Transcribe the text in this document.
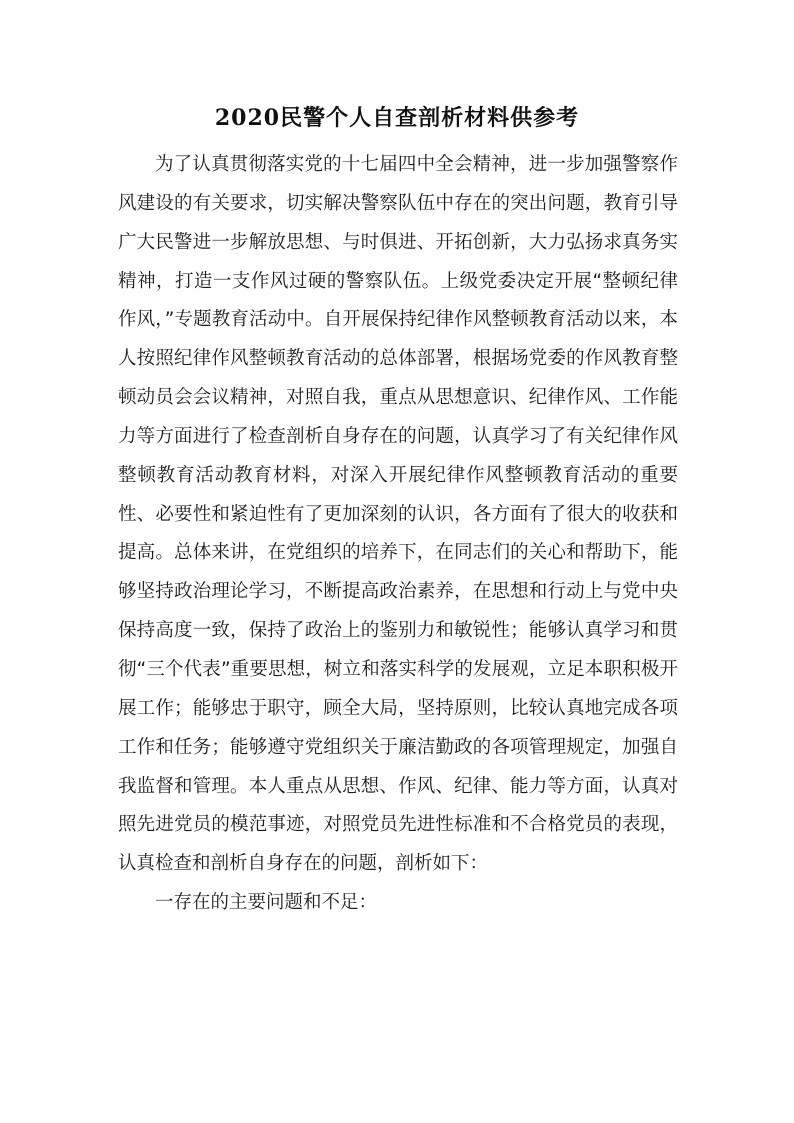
2020民警个人自查剖析材料供参考

为了认真贯彻落实党的十七届四中全会精神，进一步加强警察作风建设的有关要求，切实解决警察队伍中存在的突出问题，教育引导广大民警进一步解放思想、与时俱进、开拓创新，大力弘扬求真务实精神，打造一支作风过硬的警察队伍。上级党委决定开展“整顿纪律作风，”专题教育活动中。自开展保持纪律作风整顿教育活动以来，本人按照纪律作风整顿教育活动的总体部署，根据场党委的作风教育整顿动员会会议精神，对照自我，重点从思想意识、纪律作风、工作能力等方面进行了检查剖析自身存在的问题，认真学习了有关纪律作风整顿教育活动教育材料，对深入开展纪律作风整顿教育活动的重要性、必要性和紧迫性有了更加深刻的认识，各方面有了很大的收获和提高。总体来讲，在党组织的培养下，在同志们的关心和帮助下，能够坚持政治理论学习，不断提高政治素养，在思想和行动上与党中央保持高度一致，保持了政治上的鉴别力和敏锐性；能够认真学习和贯彻“三个代表”重要思想，树立和落实科学的发展观，立足本职积极开展工作；能够忠于职守，顾全大局，坚持原则，比较认真地完成各项工作和任务；能够遵守党组织关于廉洁勤政的各项管理规定，加强自我监督和管理。本人重点从思想、作风、纪律、能力等方面，认真对照先进党员的模范事迹，对照党员先进性标准和不合格党员的表现，认真检查和剖析自身存在的问题，剖析如下：

一存在的主要问题和不足：
